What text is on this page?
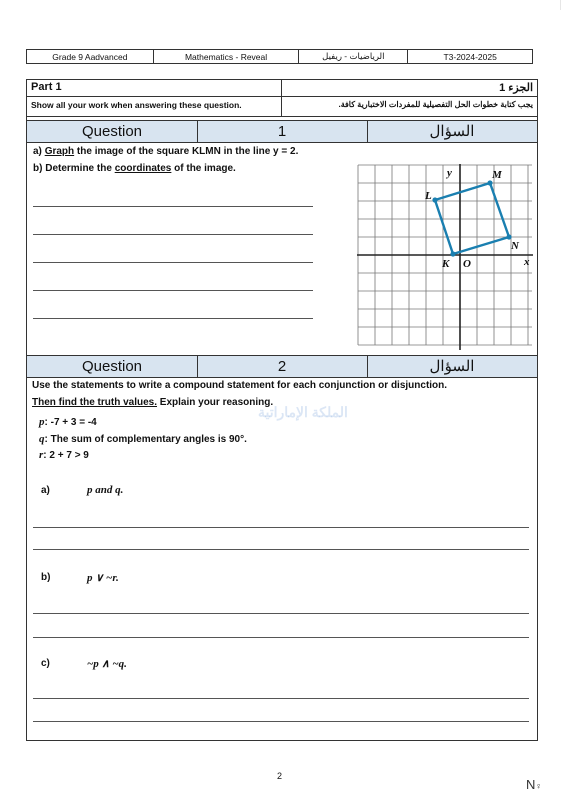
Grade 9 Aadvanced	Mathematics - Reveal	الرياضيات - ريفيل	T3-2024-2025
Part 1	الجزء 1
Show all your work when answering these question.	يجب كتابة خطوات الحل التفصيلية للمفردات الاختبارية كافة.
Question	1	السؤال
a) Graph the image of the square KLMN in the line y = 2.
b) Determine the coordinates of the image.	y
x
K
L
M
N
O
Question	2	السؤال
Use the statements to write a compound statement for each conjunction or disjunction.
Then find the truth values. Explain your reasoning.
p: -7 + 3 = -4
q: The sum of complementary angles is 90°.
r: 2 + 7 > 9
a)	p and q.
b)	p ∨ ~r.
c)	~p ∧ ~q.
الملكة الإماراتية
2
N♀
